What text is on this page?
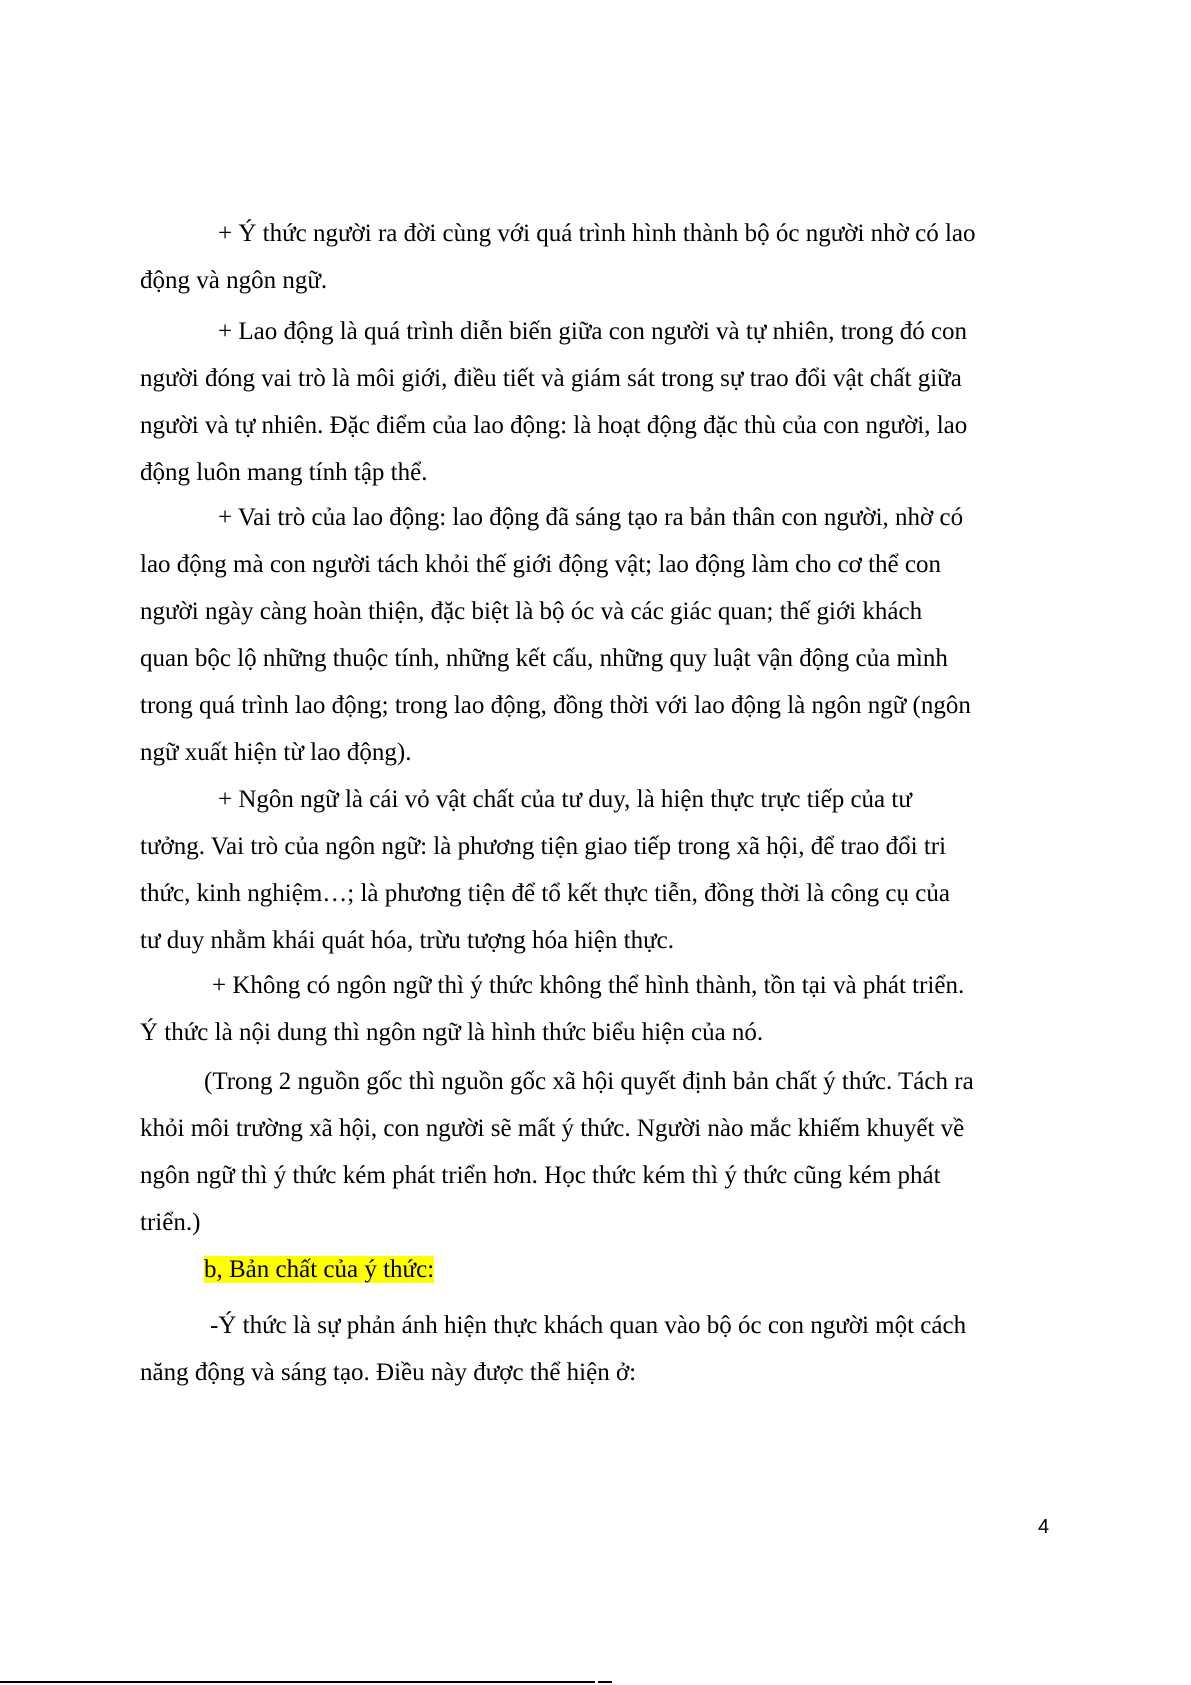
+ Ý thức người ra đời cùng với quá trình hình thành bộ óc người nhờ có lao
động và ngôn ngữ.

+ Lao động là quá trình diễn biến giữa con người và tự nhiên, trong đó con
người đóng vai trò là môi giới, điều tiết và giám sát trong sự trao đổi vật chất giữa
người và tự nhiên. Đặc điểm của lao động: là hoạt động đặc thù của con người, lao
động luôn mang tính tập thể.

+ Vai trò của lao động: lao động đã sáng tạo ra bản thân con người, nhờ có
lao động mà con người tách khỏi thế giới động vật; lao động làm cho cơ thể con
người ngày càng hoàn thiện, đặc biệt là bộ óc và các giác quan; thế giới khách
quan bộc lộ những thuộc tính, những kết cấu, những quy luật vận động của mình
trong quá trình lao động; trong lao động, đồng thời với lao động là ngôn ngữ (ngôn
ngữ xuất hiện từ lao động).

+ Ngôn ngữ là cái vỏ vật chất của tư duy, là hiện thực trực tiếp của tư
tưởng. Vai trò của ngôn ngữ: là phương tiện giao tiếp trong xã hội, để trao đổi tri
thức, kinh nghiệm…; là phương tiện để tổ kết thực tiễn, đồng thời là công cụ của
tư duy nhằm khái quát hóa, trừu tượng hóa hiện thực.

+ Không có ngôn ngữ thì ý thức không thể hình thành, tồn tại và phát triển.
Ý thức là nội dung thì ngôn ngữ là hình thức biểu hiện của nó.

(Trong 2 nguồn gốc thì nguồn gốc xã hội quyết định bản chất ý thức. Tách ra
khỏi môi trường xã hội, con người sẽ mất ý thức. Người nào mắc khiếm khuyết về
ngôn ngữ thì ý thức kém phát triển hơn. Học thức kém thì ý thức cũng kém phát
triển.)

b, Bản chất của ý thức:

-Ý thức là sự phản ánh hiện thực khách quan vào bộ óc con người một cách
năng động và sáng tạo. Điều này được thể hiện ở:

4
